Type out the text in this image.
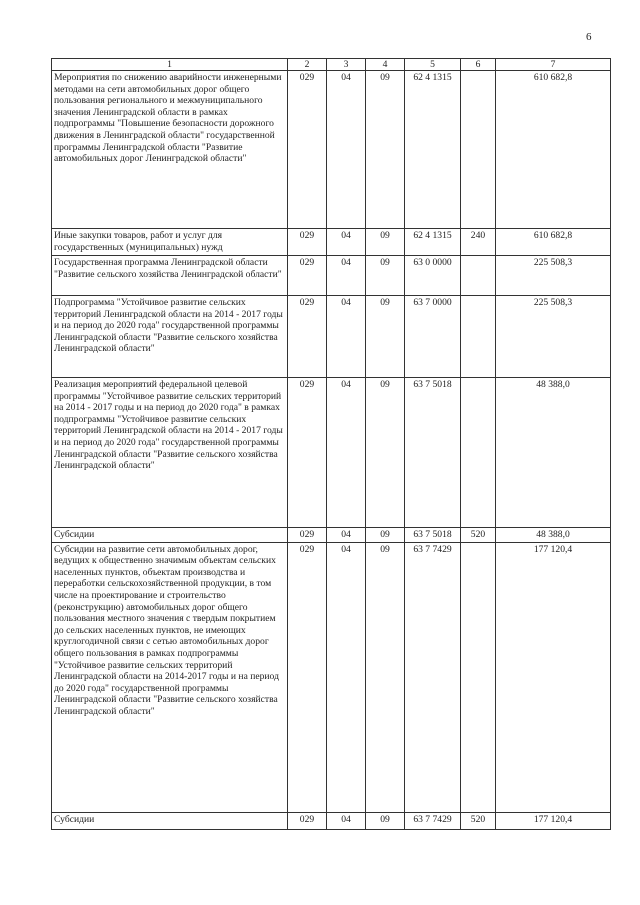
6
1	2	3	4	5	6	7
Мероприятия по снижению аварийности инженерными методами на сети автомобильных дорог общего пользования регионального и межмуниципального значения Ленинградской области в рамках подпрограммы "Повышение безопасности дорожного движения в Ленинградской области" государственной программы Ленинградской области "Развитие автомобильных дорог Ленинградской области"	029	04	09	62 4 1315		610 682,8
Иные закупки товаров, работ и услуг для государственных (муниципальных) нужд	029	04	09	62 4 1315	240	610 682,8
Государственная программа Ленинградской области "Развитие сельского хозяйства Ленинградской области"	029	04	09	63 0 0000		225 508,3
Подпрограмма "Устойчивое развитие сельских территорий Ленинградской области на 2014 - 2017 годы и на период до 2020 года" государственной программы Ленинградской области "Развитие сельского хозяйства Ленинградской области"	029	04	09	63 7 0000		225 508,3
Реализация мероприятий федеральной целевой программы "Устойчивое развитие сельских территорий на 2014 - 2017 годы и на период до 2020 года" в рамках подпрограммы "Устойчивое развитие сельских территорий Ленинградской области на 2014 - 2017 годы и на период до 2020 года" государственной программы Ленинградской области "Развитие сельского хозяйства Ленинградской области"	029	04	09	63 7 5018		48 388,0
Субсидии	029	04	09	63 7 5018	520	48 388,0
Субсидии на развитие сети автомобильных дорог, ведущих к общественно значимым объектам сельских населенных пунктов, объектам производства и переработки сельскохозяйственной продукции, в том числе на проектирование и строительство (реконструкцию) автомобильных дорог общего пользования местного значения с твердым покрытием до сельских населенных пунктов, не имеющих круглогодичной связи с сетью автомобильных дорог общего пользования в рамках подпрограммы "Устойчивое развитие сельских территорий Ленинградской области на 2014-2017 годы и на период до 2020 года" государственной программы Ленинградской области "Развитие сельского хозяйства Ленинградской области"	029	04	09	63 7 7429		177 120,4
Субсидии	029	04	09	63 7 7429	520	177 120,4
